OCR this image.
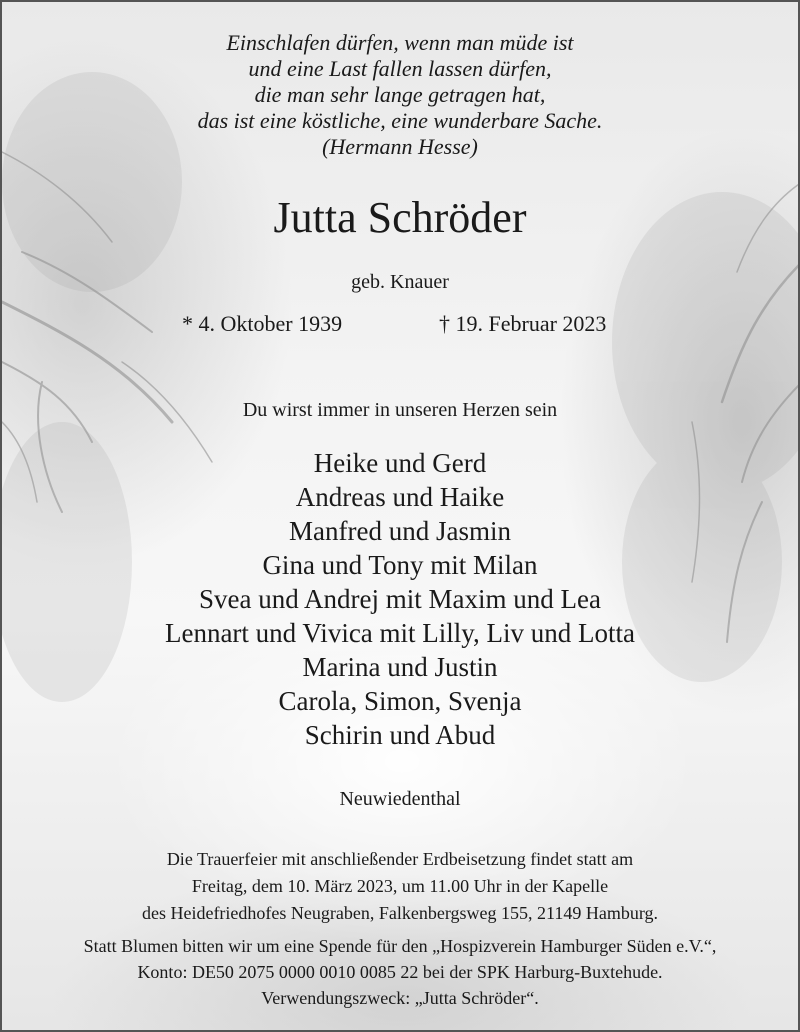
Einschlafen dürfen, wenn man müde ist
und eine Last fallen lassen dürfen,
die man sehr lange getragen hat,
das ist eine köstliche, eine wunderbare Sache.
(Hermann Hesse)
Jutta Schröder
geb. Knauer
* 4. Oktober 1939	† 19. Februar 2023
Du wirst immer in unseren Herzen sein
Heike und Gerd
Andreas und Haike
Manfred und Jasmin
Gina und Tony mit Milan
Svea und Andrej mit Maxim und Lea
Lennart und Vivica mit Lilly, Liv und Lotta
Marina und Justin
Carola, Simon, Svenja
Schirin und Abud
Neuwiedenthal
Die Trauerfeier mit anschließender Erdbeisetzung findet statt am
Freitag, dem 10. März 2023, um 11.00 Uhr in der Kapelle
des Heidefriedhofes Neugraben, Falkenbergsweg 155, 21149 Hamburg.
Statt Blumen bitten wir um eine Spende für den „Hospizverein Hamburger Süden e.V.“,
Konto: DE50 2075 0000 0010 0085 22 bei der SPK Harburg-Buxtehude.
Verwendungszweck: „Jutta Schröder“.
